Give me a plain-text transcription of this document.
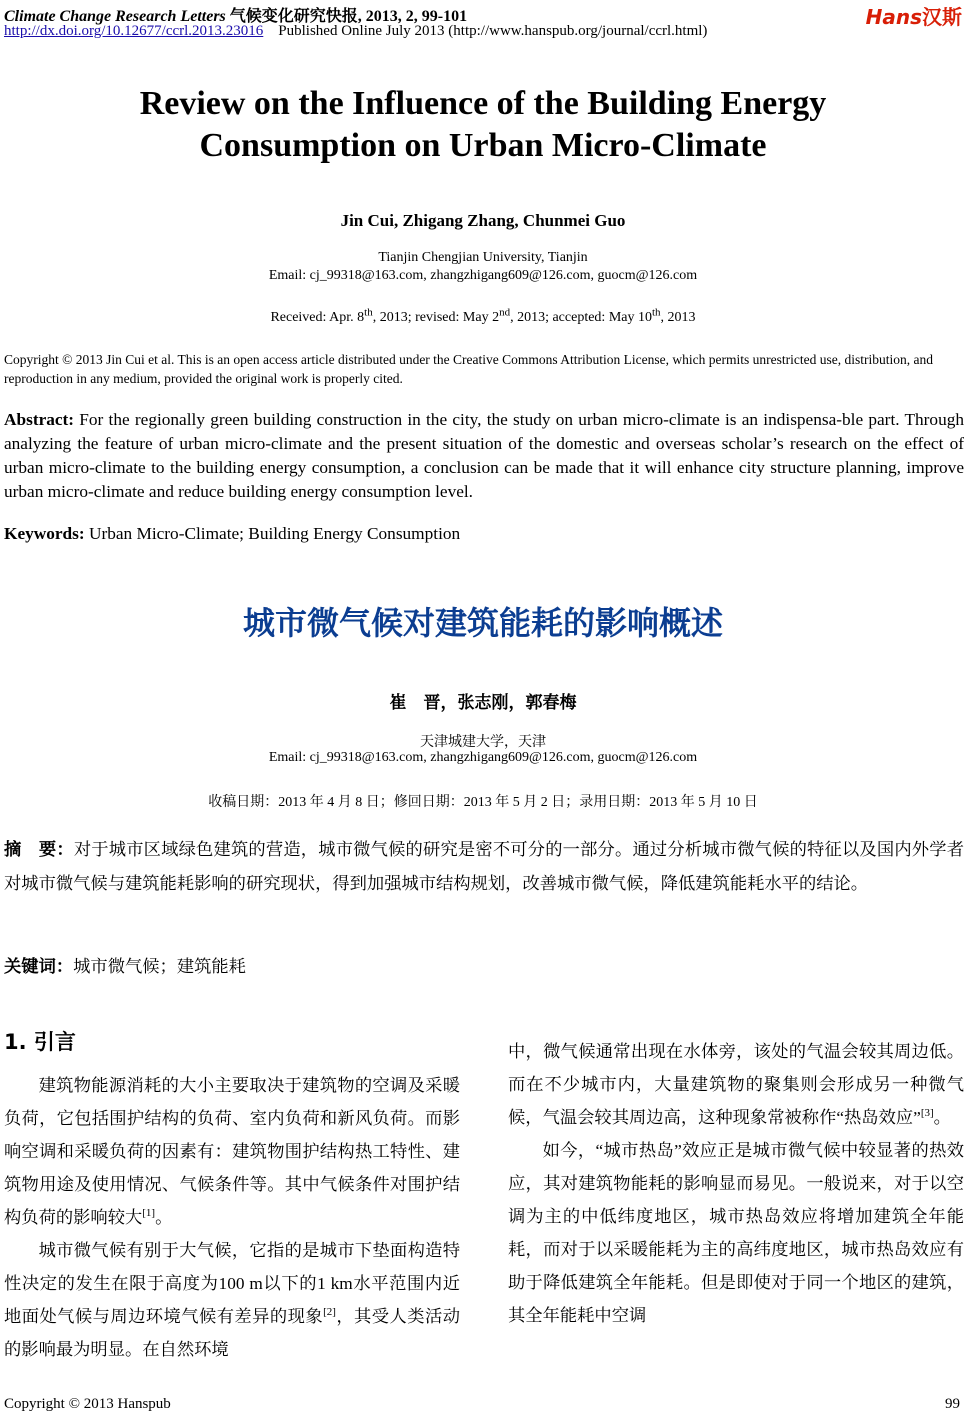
Climate Change Research Letters 气候变化研究快报, 2013, 2, 99-101
http://dx.doi.org/10.12677/ccrl.2013.23016 Published Online July 2013 (http://www.hanspub.org/journal/ccrl.html)
Hans汉斯
Review on the Influence of the Building Energy
Consumption on Urban Micro-Climate
Jin Cui, Zhigang Zhang, Chunmei Guo
Tianjin Chengjian University, Tianjin
Email: cj_99318@163.com, zhangzhigang609@126.com, guocm@126.com
Received: Apr. 8th, 2013; revised: May 2nd, 2013; accepted: May 10th, 2013
Copyright © 2013 Jin Cui et al. This is an open access article distributed under the Creative Commons Attribution License, which permits unrestricted use, distribution, and reproduction in any medium, provided the original work is properly cited.
Abstract: For the regionally green building construction in the city, the study on urban micro-climate is an indispensa-ble part. Through analyzing the feature of urban micro-climate and the present situation of the domestic and overseas scholar’s research on the effect of urban micro-climate to the building energy consumption, a conclusion can be made that it will enhance city structure planning, improve urban micro-climate and reduce building energy consumption level.
Keywords: Urban Micro-Climate; Building Energy Consumption
城市微气候对建筑能耗的影响概述
崔　晋，张志刚，郭春梅
天津城建大学，天津
Email: cj_99318@163.com, zhangzhigang609@126.com, guocm@126.com
收稿日期：2013 年 4 月 8 日；修回日期：2013 年 5 月 2 日；录用日期：2013 年 5 月 10 日
摘　要：对于城市区域绿色建筑的营造，城市微气候的研究是密不可分的一部分。通过分析城市微气候的特征以及国内外学者对城市微气候与建筑能耗影响的研究现状，得到加强城市结构规划，改善城市微气候，降低建筑能耗水平的结论。
关键词：城市微气候；建筑能耗
1. 引言

建筑物能源消耗的大小主要取决于建筑物的空调及采暖负荷，它包括围护结构的负荷、室内负荷和新风负荷。而影响空调和采暖负荷的因素有：建筑物围护结构热工特性、建筑物用途及使用情况、气候条件等。其中气候条件对围护结构负荷的影响较大[1]。

城市微气候有别于大气候，它指的是城市下垫面构造特性决定的发生在限于高度为100 m以下的1 km水平范围内近地面处气候与周边环境气候有差异的现象[2]，其受人类活动的影响最为明显。在自然环境

中，微气候通常出现在水体旁，该处的气温会较其周边低。而在不少城市内，大量建筑物的聚集则会形成另一种微气候，气温会较其周边高，这种现象常被称作“热岛效应”[3]。

如今，“城市热岛”效应正是城市微气候中较显著的热效应，其对建筑物能耗的影响显而易见。一般说来，对于以空调为主的中低纬度地区，城市热岛效应将增加建筑全年能耗，而对于以采暖能耗为主的高纬度地区，城市热岛效应有助于降低建筑全年能耗。但是即使对于同一个地区的建筑，其全年能耗中空调

Copyright © 2013 Hanspub	99
